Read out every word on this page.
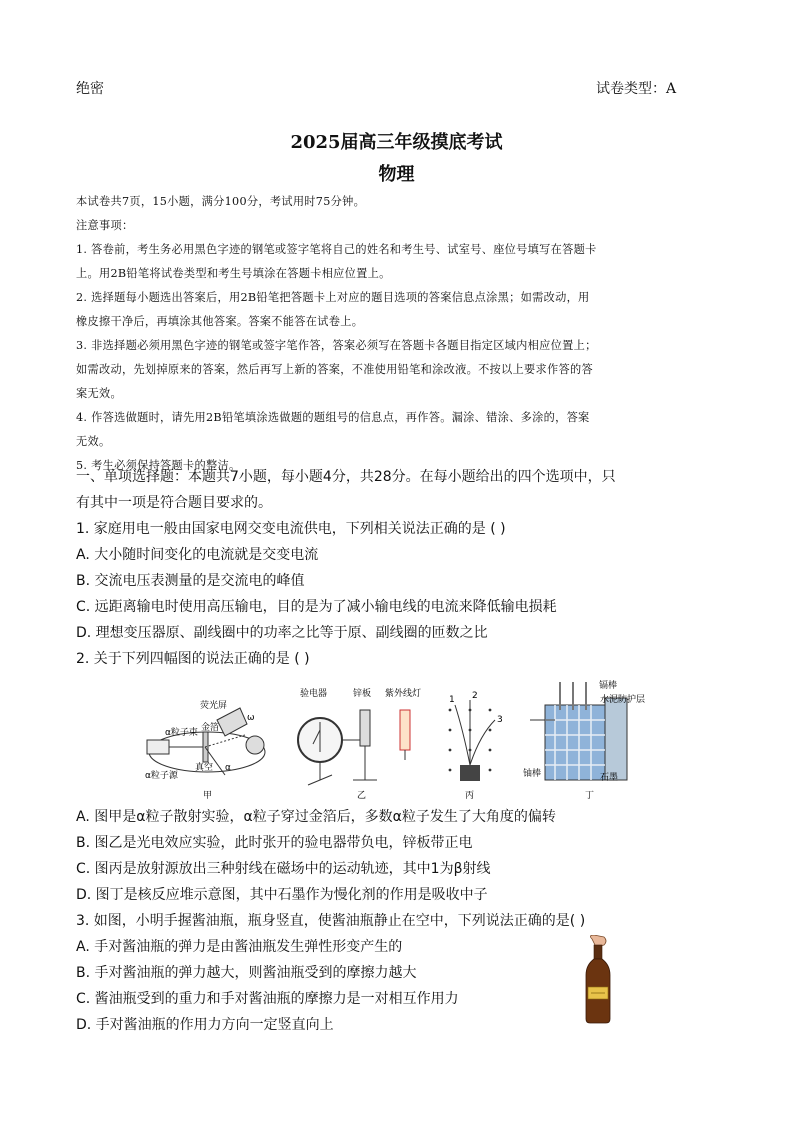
绝密	试卷类型：A
2025届高三年级摸底考试
物理
本试卷共7页，15小题，满分100分，考试用时75分钟。
注意事项：
1. 答卷前，考生务必用黑色字迹的钢笔或签字笔将自己的姓名和考生号、试室号、座位号填写在答题卡
上。用2B铅笔将试卷类型和考生号填涂在答题卡相应位置上。
2. 选择题每小题选出答案后，用2B铅笔把答题卡上对应的题目选项的答案信息点涂黑；如需改动，用
橡皮擦干净后，再填涂其他答案。答案不能答在试卷上。
3. 非选择题必须用黑色字迹的钢笔或签字笔作答，答案必须写在答题卡各题目指定区域内相应位置上；
如需改动，先划掉原来的答案，然后再写上新的答案，不准使用铅笔和涂改液。不按以上要求作答的答
案无效。
4. 作答选做题时，请先用2B铅笔填涂选做题的题组号的信息点，再作答。漏涂、错涂、多涂的，答案
无效。
5. 考生必须保持答题卡的整洁。
一、单项选择题：本题共7小题，每小题4分，共28分。在每小题给出的四个选项中，只
有其中一项是符合题目要求的。
1. 家庭用电一般由国家电网交变电流供电，下列相关说法正确的是 ( )
A. 大小随时间变化的电流就是交变电流
B. 交流电压表测量的是交流电的峰值
C. 远距离输电时使用高压输电，目的是为了减小输电线的电流来降低输电损耗
D. 理想变压器原、副线圈中的功率之比等于原、副线圈的匝数之比
2. 关于下列四幅图的说法正确的是 ( )
荧光屏
ω
金箔
α粒子束
α粒子源
真空 α
甲
验电器	锌板 紫外线灯
乙
1 2
3
丙
镉棒
水泥防护层
铀棒	石墨
丁
A. 图甲是α粒子散射实验，α粒子穿过金箔后，多数α粒子发生了大角度的偏转
B. 图乙是光电效应实验，此时张开的验电器带负电，锌板带正电
C. 图丙是放射源放出三种射线在磁场中的运动轨迹，其中1为β射线
D. 图丁是核反应堆示意图，其中石墨作为慢化剂的作用是吸收中子
3. 如图，小明手握酱油瓶，瓶身竖直，使酱油瓶静止在空中，下列说法正确的是( )
A. 手对酱油瓶的弹力是由酱油瓶发生弹性形变产生的
B. 手对酱油瓶的弹力越大，则酱油瓶受到的摩擦力越大
C. 酱油瓶受到的重力和手对酱油瓶的摩擦力是一对相互作用力
D. 手对酱油瓶的作用力方向一定竖直向上
